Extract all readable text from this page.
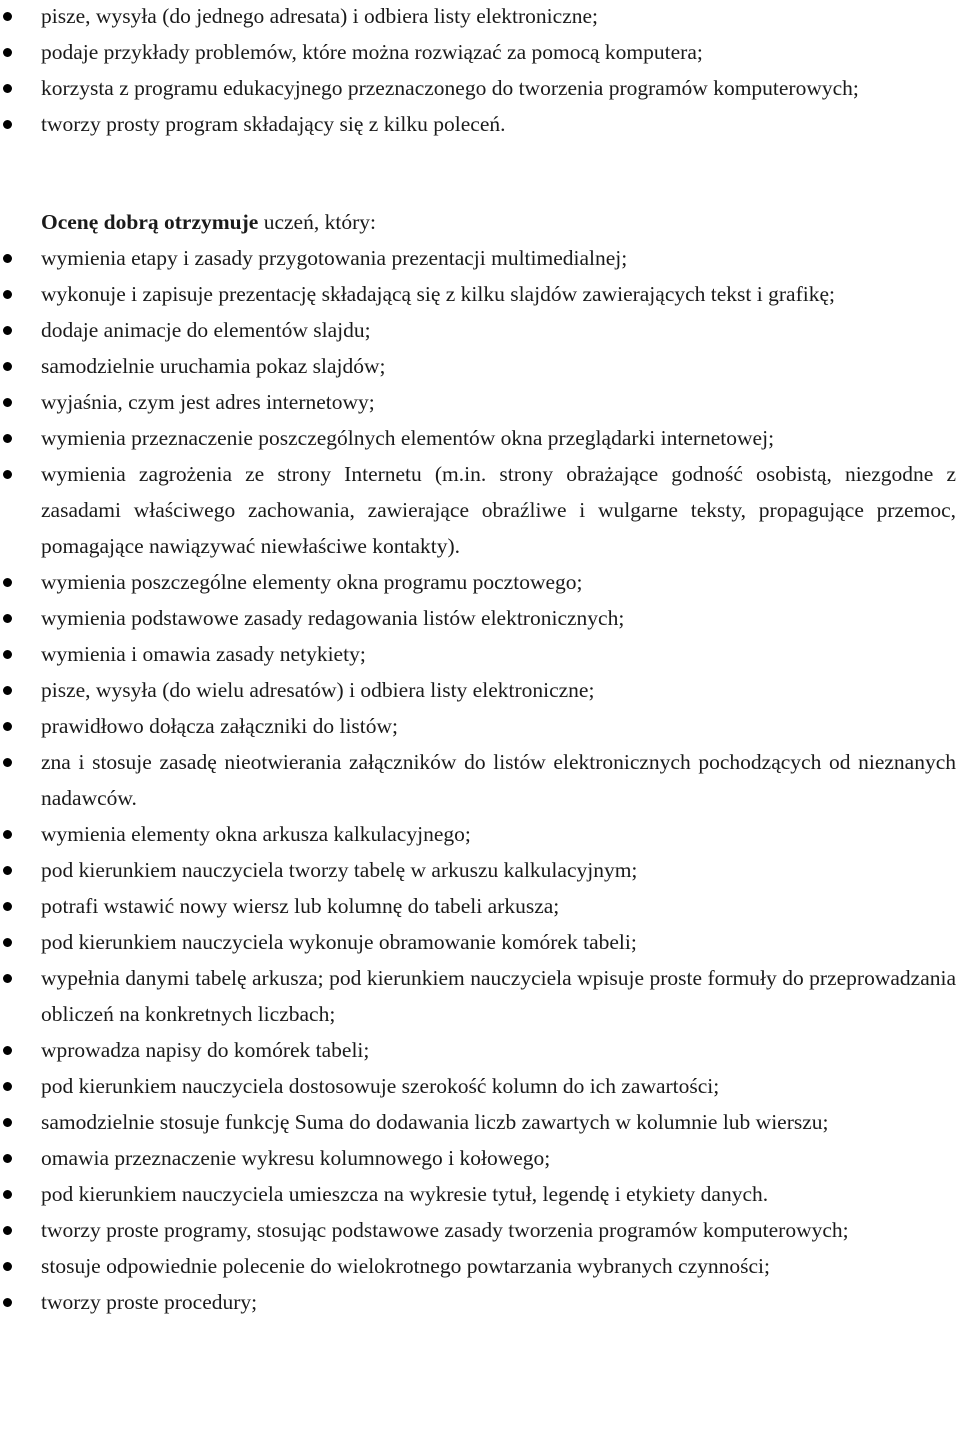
pisze, wysyła (do jednego adresata) i odbiera listy elektroniczne;
podaje przykłady problemów, które można rozwiązać za pomocą komputera;
korzysta z programu edukacyjnego przeznaczonego do tworzenia programów komputerowych;
tworzy prosty program składający się z kilku poleceń.
Ocenę dobrą otrzymuje uczeń, który:
wymienia etapy i zasady przygotowania prezentacji multimedialnej;
wykonuje i zapisuje prezentację składającą się z kilku slajdów zawierających tekst i grafikę;
dodaje animacje do elementów slajdu;
samodzielnie uruchamia pokaz slajdów;
wyjaśnia, czym jest adres internetowy;
wymienia przeznaczenie poszczególnych elementów okna przeglądarki internetowej;
wymienia zagrożenia ze strony Internetu (m.in. strony obrażające godność osobistą, niezgodne z zasadami właściwego zachowania, zawierające obraźliwe i wulgarne teksty, propagujące przemoc, pomagające nawiązywać niewłaściwe kontakty).
wymienia poszczególne elementy okna programu pocztowego;
wymienia podstawowe zasady redagowania listów elektronicznych;
wymienia i omawia zasady netykiety;
pisze, wysyła (do wielu adresatów) i odbiera listy elektroniczne;
prawidłowo dołącza załączniki do listów;
zna i stosuje zasadę nieotwierania załączników do listów elektronicznych pochodzących od nieznanych nadawców.
wymienia elementy okna arkusza kalkulacyjnego;
pod kierunkiem nauczyciela tworzy tabelę w arkuszu kalkulacyjnym;
potrafi wstawić nowy wiersz lub kolumnę do tabeli arkusza;
pod kierunkiem nauczyciela wykonuje obramowanie komórek tabeli;
wypełnia danymi tabelę arkusza; pod kierunkiem nauczyciela wpisuje proste formuły do przeprowadzania obliczeń na konkretnych liczbach;
wprowadza napisy do komórek tabeli;
pod kierunkiem nauczyciela dostosowuje szerokość kolumn do ich zawartości;
samodzielnie stosuje funkcję Suma do dodawania liczb zawartych w kolumnie lub wierszu;
omawia przeznaczenie wykresu kolumnowego i kołowego;
pod kierunkiem nauczyciela umieszcza na wykresie tytuł, legendę i etykiety danych.
tworzy proste programy, stosując podstawowe zasady tworzenia programów komputerowych;
stosuje odpowiednie polecenie do wielokrotnego powtarzania wybranych czynności;
tworzy proste procedury;
